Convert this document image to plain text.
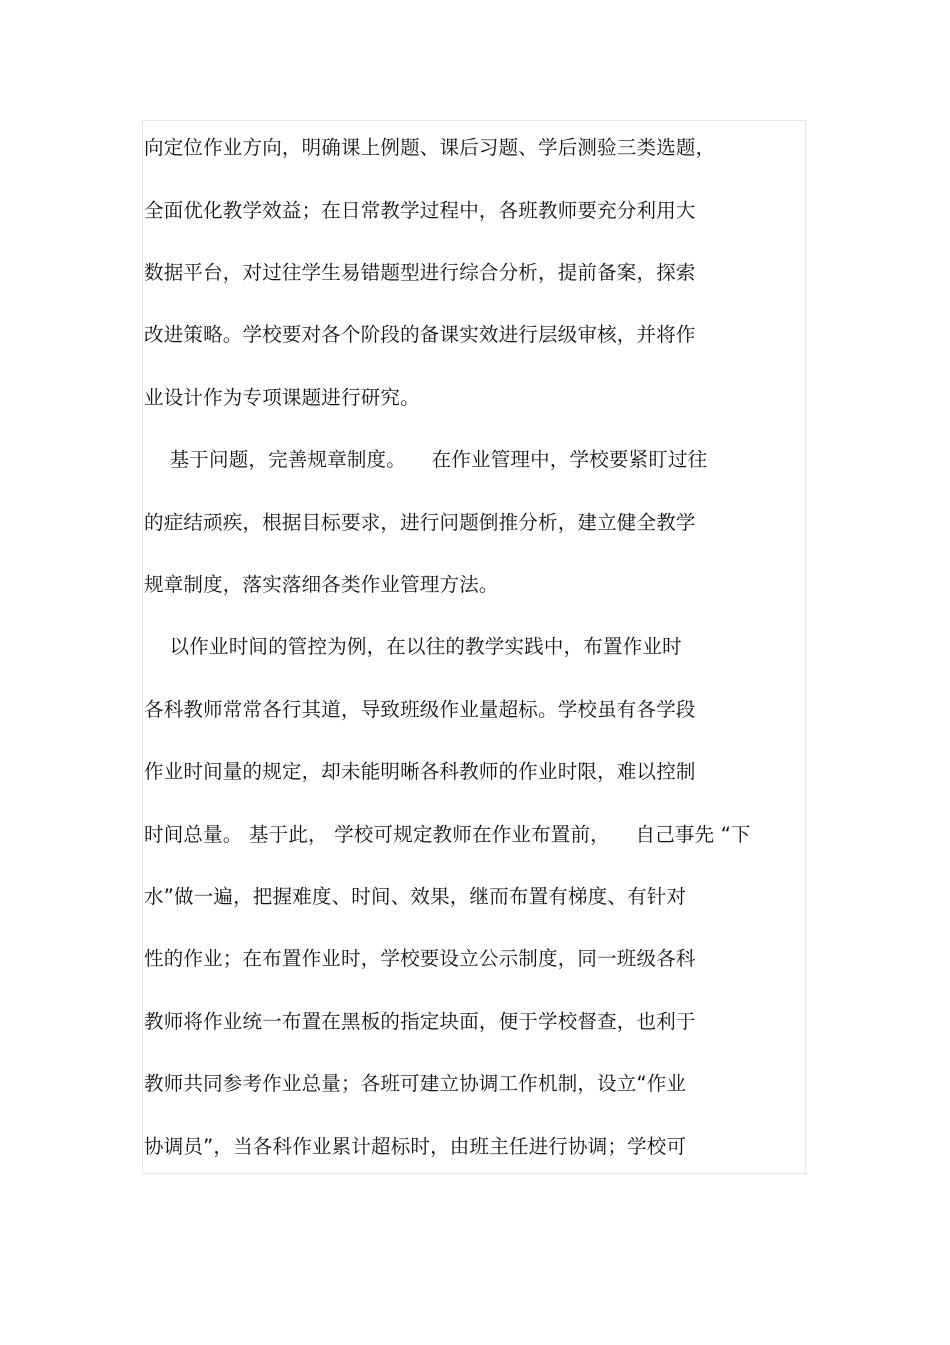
向定位作业方向，明确课上例题、课后习题、学后测验三类选题，
全面优化教学效益；在日常教学过程中，各班教师要充分利用大
数据平台，对过往学生易错题型进行综合分析，提前备案，探索
改进策略。学校要对各个阶段的备课实效进行层级审核，并将作
业设计作为专项课题进行研究。
基于问题，完善规章制度。    在作业管理中，学校要紧盯过往
的症结顽疾，根据目标要求，进行问题倒推分析，建立健全教学
规章制度，落实落细各类作业管理方法。
以作业时间的管控为例，在以往的教学实践中，布置作业时
各科教师常常各行其道，导致班级作业量超标。学校虽有各学段
作业时间量的规定，却未能明晰各科教师的作业时限，难以控制
时间总量。 基于此， 学校可规定教师在作业布置前，    自己事先 “下
水”做一遍，把握难度、时间、效果，继而布置有梯度、有针对
性的作业；在布置作业时，学校要设立公示制度，同一班级各科
教师将作业统一布置在黑板的指定块面，便于学校督查，也利于
教师共同参考作业总量；各班可建立协调工作机制，设立“作业
协调员”，当各科作业累计超标时，由班主任进行协调；学校可
